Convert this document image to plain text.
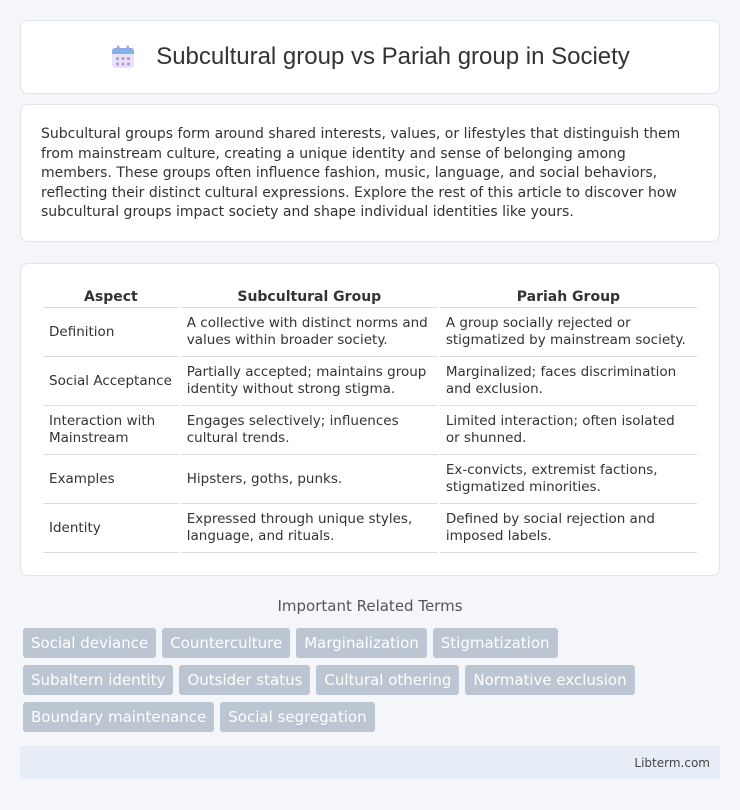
Subcultural group vs Pariah group in Society

Subcultural groups form around shared interests, values, or lifestyles that distinguish them from mainstream culture, creating a unique identity and sense of belonging among members. These groups often influence fashion, music, language, and social behaviors, reflecting their distinct cultural expressions. Explore the rest of this article to discover how subcultural groups impact society and shape individual identities like yours.

Aspect	Subcultural Group	Pariah Group
Definition	A collective with distinct norms and values within broader society.	A group socially rejected or stigmatized by mainstream society.
Social Acceptance	Partially accepted; maintains group identity without strong stigma.	Marginalized; faces discrimination and exclusion.
Interaction with Mainstream	Engages selectively; influences cultural trends.	Limited interaction; often isolated or shunned.
Examples	Hipsters, goths, punks.	Ex-convicts, extremist factions, stigmatized minorities.
Identity	Expressed through unique styles, language, and rituals.	Defined by social rejection and imposed labels.
Important Related Terms
Social deviance	Counterculture	Marginalization	Stigmatization
Subaltern identity	Outsider status	Cultural othering	Normative exclusion
Boundary maintenance	Social segregation
Libterm.com
